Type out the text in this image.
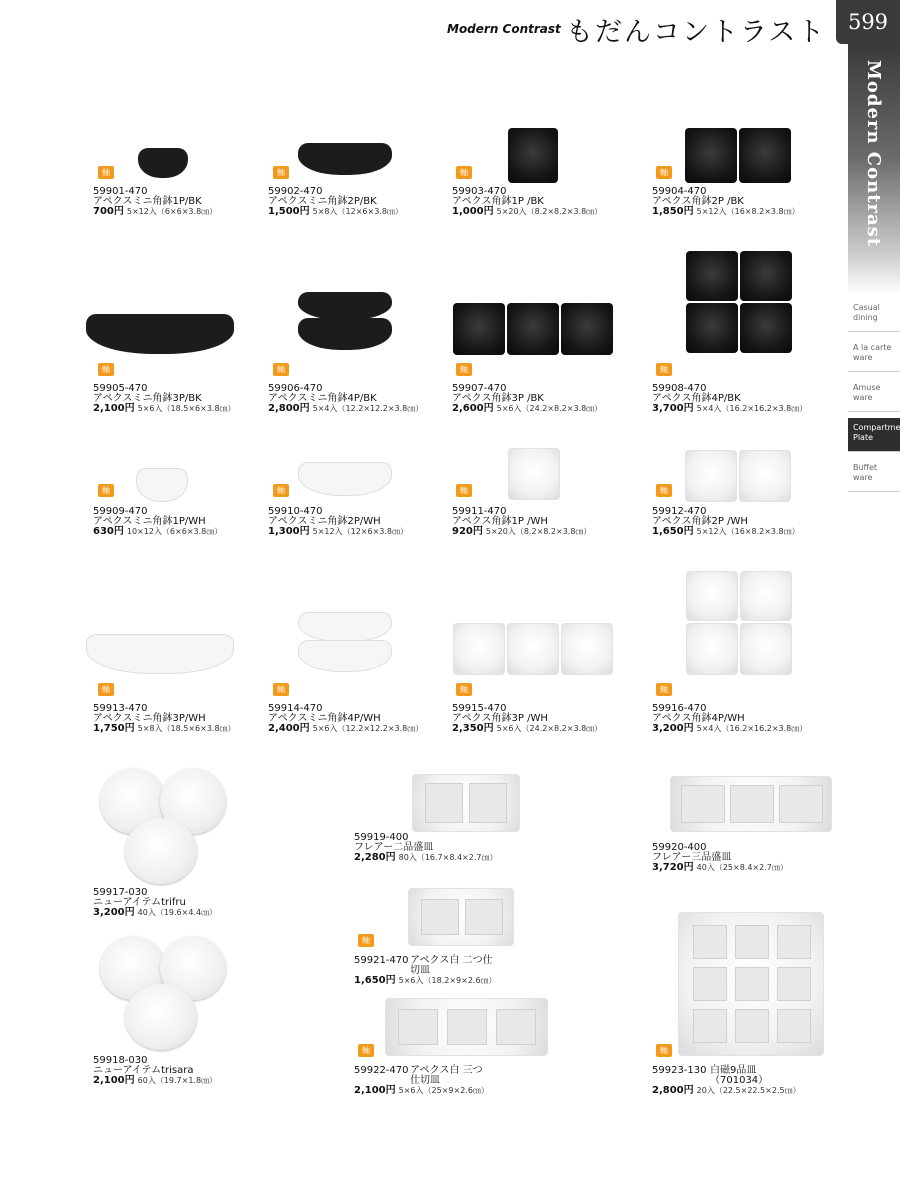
Modern Contrast もだんコントラスト	599
Modern Contrast
Casual
dining
A la carte
ware
Amuse
ware
Compartment
Plate
Buffet
ware
軸	軸	軸	軸
59901-470
アペクスミニ角鉢1P/BK
700円 5×12入（6×6×3.8㎝）
59902-470
アペクスミニ角鉢2P/BK
1,500円 5×8入（12×6×3.8㎝）
59903-470
アペクス角鉢1P /BK
1,000円 5×20入（8.2×8.2×3.8㎝）
59904-470
アペクス角鉢2P /BK
1,850円 5×12入（16×8.2×3.8㎝）
軸	軸	軸	軸
59905-470
アペクスミニ角鉢3P/BK
2,100円 5×6入（18.5×6×3.8㎝）
59906-470
アペクスミニ角鉢4P/BK
2,800円 5×4入（12.2×12.2×3.8㎝）
59907-470
アペクス角鉢3P /BK
2,600円 5×6入（24.2×8.2×3.8㎝）
59908-470
アペクス角鉢4P/BK
3,700円 5×4入（16.2×16.2×3.8㎝）
軸	軸	軸	軸
59909-470
アペクスミニ角鉢1P/WH
630円 10×12入（6×6×3.8㎝）
59910-470
アペクスミニ角鉢2P/WH
1,300円 5×12入（12×6×3.8㎝）
59911-470
アペクス角鉢1P /WH
920円 5×20入（8.2×8.2×3.8㎝）
59912-470
アペクス角鉢2P /WH
1,650円 5×12入（16×8.2×3.8㎝）
軸	軸	軸	軸
59913-470
アペクスミニ角鉢3P/WH
1,750円 5×8入（18.5×6×3.8㎝）
59914-470
アペクスミニ角鉢4P/WH
2,400円 5×6入（12.2×12.2×3.8㎝）
59915-470
アペクス角鉢3P /WH
2,350円 5×6入（24.2×8.2×3.8㎝）
59916-470
アペクス角鉢4P/WH
3,200円 5×4入（16.2×16.2×3.8㎝）
59917-030
ニューアイテムtrifru
3,200円 40入（19.6×4.4㎝）
59918-030
ニューアイテムtrisara
2,100円 60入（19.7×1.8㎝）
59919-400
フレアー二品盛皿
2,280円 80入（16.7×8.4×2.7㎝）
59920-400
フレアー三品盛皿
3,720円 40入（25×8.4×2.7㎝）
軸
59921-470 アペクス白 二つ仕切皿

1,650円 5×6入（18.2×9×2.6㎝）
軸
59922-470 アペクス白 三つ仕切皿

2,100円 5×6入（25×9×2.6㎝）
軸
59923-130 白磁9品皿（701034）

2,800円 20入（22.5×22.5×2.5㎝）
